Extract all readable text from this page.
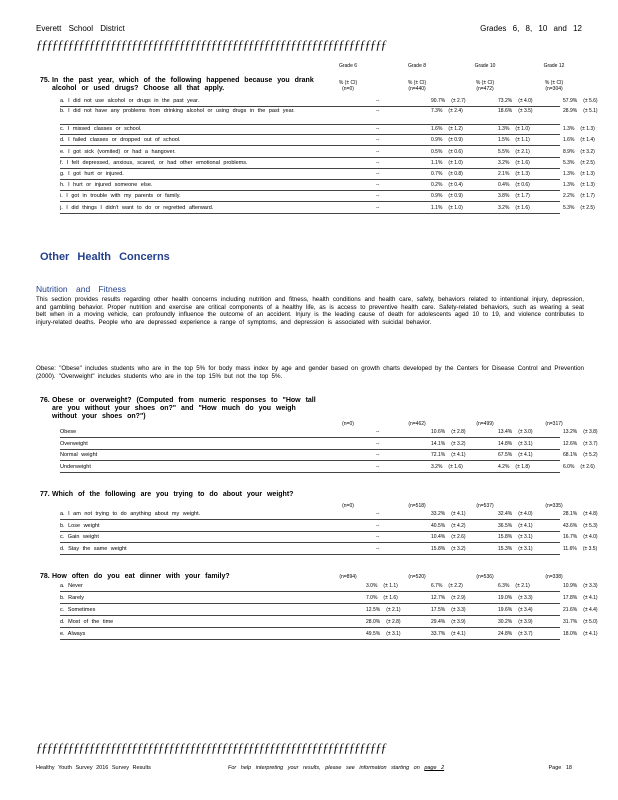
Everett School District	Grades 6, 8, 10 and 12
ƒƒƒƒƒƒƒƒƒƒƒƒƒƒƒƒƒƒƒƒƒƒƒƒƒƒƒƒƒƒƒƒƒƒƒƒƒƒƒƒƒƒƒƒƒƒƒƒƒƒƒƒƒƒƒƒƒƒƒƒƒƒƒƒƒƒ
Grade 6	Grade 8	Grade 10	Grade 12
75. In the past year, which of the following happened because you drank alcohol or used drugs? Choose all that apply.
% (± CI)
(n=0)
% (± CI)
(n=440)
% (± CI)
(n=472)
% (± CI)
(n=304)
a. I did not use alcohol or drugs in the past year.	--	90.7% (± 2.7)	73.2% (± 4.0)	57.9% (± 5.6)
b. I did not have any problems from drinking alcohol or using drugs in the past year.	--	7.3% (± 2.4)	18.6% (± 3.5)	28.9% (± 5.1)
c. I missed classes or school.	--	1.6% (± 1.2)	1.3% (± 1.0)	1.3% (± 1.3)
d. I failed classes or dropped out of school.	--	0.9% (± 0.9)	1.5% (± 1.1)	1.6% (± 1.4)
e. I got sick (vomited) or had a hangover.	--	0.5% (± 0.6)	5.5% (± 2.1)	8.9% (± 3.2)
f. I felt depressed, anxious, scared, or had other emotional problems.	--	1.1% (± 1.0)	3.2% (± 1.6)	5.3% (± 2.5)
g. I got hurt or injured.	--	0.7% (± 0.8)	2.1% (± 1.3)	1.3% (± 1.3)
h. I hurt or injured someone else.	--	0.2% (± 0.4)	0.4% (± 0.6)	1.3% (± 1.3)
i. I got in trouble with my parents or family.	--	0.9% (± 0.9)	3.8% (± 1.7)	2.2% (± 1.7)
j. I did things I didn't want to do or regretted afterward.	--	1.1% (± 1.0)	3.2% (± 1.6)	5.3% (± 2.5)
Other Health Concerns
Nutrition and Fitness
This section provides results regarding other health concerns including nutrition and fitness, health conditions and health care, safety, behaviors related to intentional injury, depression, and gambling behavior. Proper nutrition and exercise are critical components of a healthy life, as is access to preventive health care. Safety-related behaviors, such as wearing a seat belt when in a moving vehicle, can profoundly influence the outcome of an accident. Injury is the leading cause of death for adolescents aged 10 to 19, and violence contributes to injury-related deaths. People who are depressed experience a range of symptoms, and depression is associated with suicidal behavior.
Obese: "Obese" includes students who are in the top 5% for body mass index by age and gender based on growth charts developed by the Centers for Disease Control and Prevention (2000). "Overweight" includes students who are in the top 15% but not the top 5%.
76. Obese or overweight? (Computed from numeric responses to "How tall are you without your shoes on?" and "How much do you weigh without your shoes on?")
(n=0)	(n=462)	(n=499)	(n=317)
Obese	--	10.6% (± 2.8)	13.4% (± 3.0)	13.2% (± 3.8)
Overweight	--	14.1% (± 3.2)	14.8% (± 3.1)	12.6% (± 3.7)
Normal weight	--	72.1% (± 4.1)	67.5% (± 4.1)	68.1% (± 5.2)
Underweight	--	3.2% (± 1.6)	4.2% (± 1.8)	6.0% (± 2.6)
77. Which of the following are you trying to do about your weight?
(n=0)	(n=518)	(n=537)	(n=335)
a. I am not trying to do anything about my weight.	--	33.2% (± 4.1)	32.4% (± 4.0)	28.1% (± 4.8)
b. Lose weight	--	40.5% (± 4.2)	36.5% (± 4.1)	43.6% (± 5.3)
c. Gain weight	--	10.4% (± 2.6)	15.8% (± 3.1)	16.7% (± 4.0)
d. Stay the same weight	--	15.8% (± 3.2)	15.3% (± 3.1)	11.6% (± 3.5)
78. How often do you eat dinner with your family?	(n=894)	(n=520)	(n=536)	(n=338)
a. Never	3.0% (± 1.1)	6.7% (± 2.2)	6.3% (± 2.1)	10.9% (± 3.3)
b. Rarely	7.0% (± 1.6)	12.7% (± 2.9)	19.0% (± 3.3)	17.8% (± 4.1)
c. Sometimes	12.5% (± 2.1)	17.5% (± 3.3)	19.6% (± 3.4)	21.6% (± 4.4)
d. Most of the time	28.0% (± 2.8)	29.4% (± 3.9)	30.2% (± 3.9)	31.7% (± 5.0)
e. Always	49.5% (± 3.1)	33.7% (± 4.1)	24.8% (± 3.7)	18.0% (± 4.1)
ƒƒƒƒƒƒƒƒƒƒƒƒƒƒƒƒƒƒƒƒƒƒƒƒƒƒƒƒƒƒƒƒƒƒƒƒƒƒƒƒƒƒƒƒƒƒƒƒƒƒƒƒƒƒƒƒƒƒƒƒƒƒƒƒƒƒ
Healthy Youth Survey 2016 Survey Results	For help interpreting your results, please see information starting on page 2	Page 18
